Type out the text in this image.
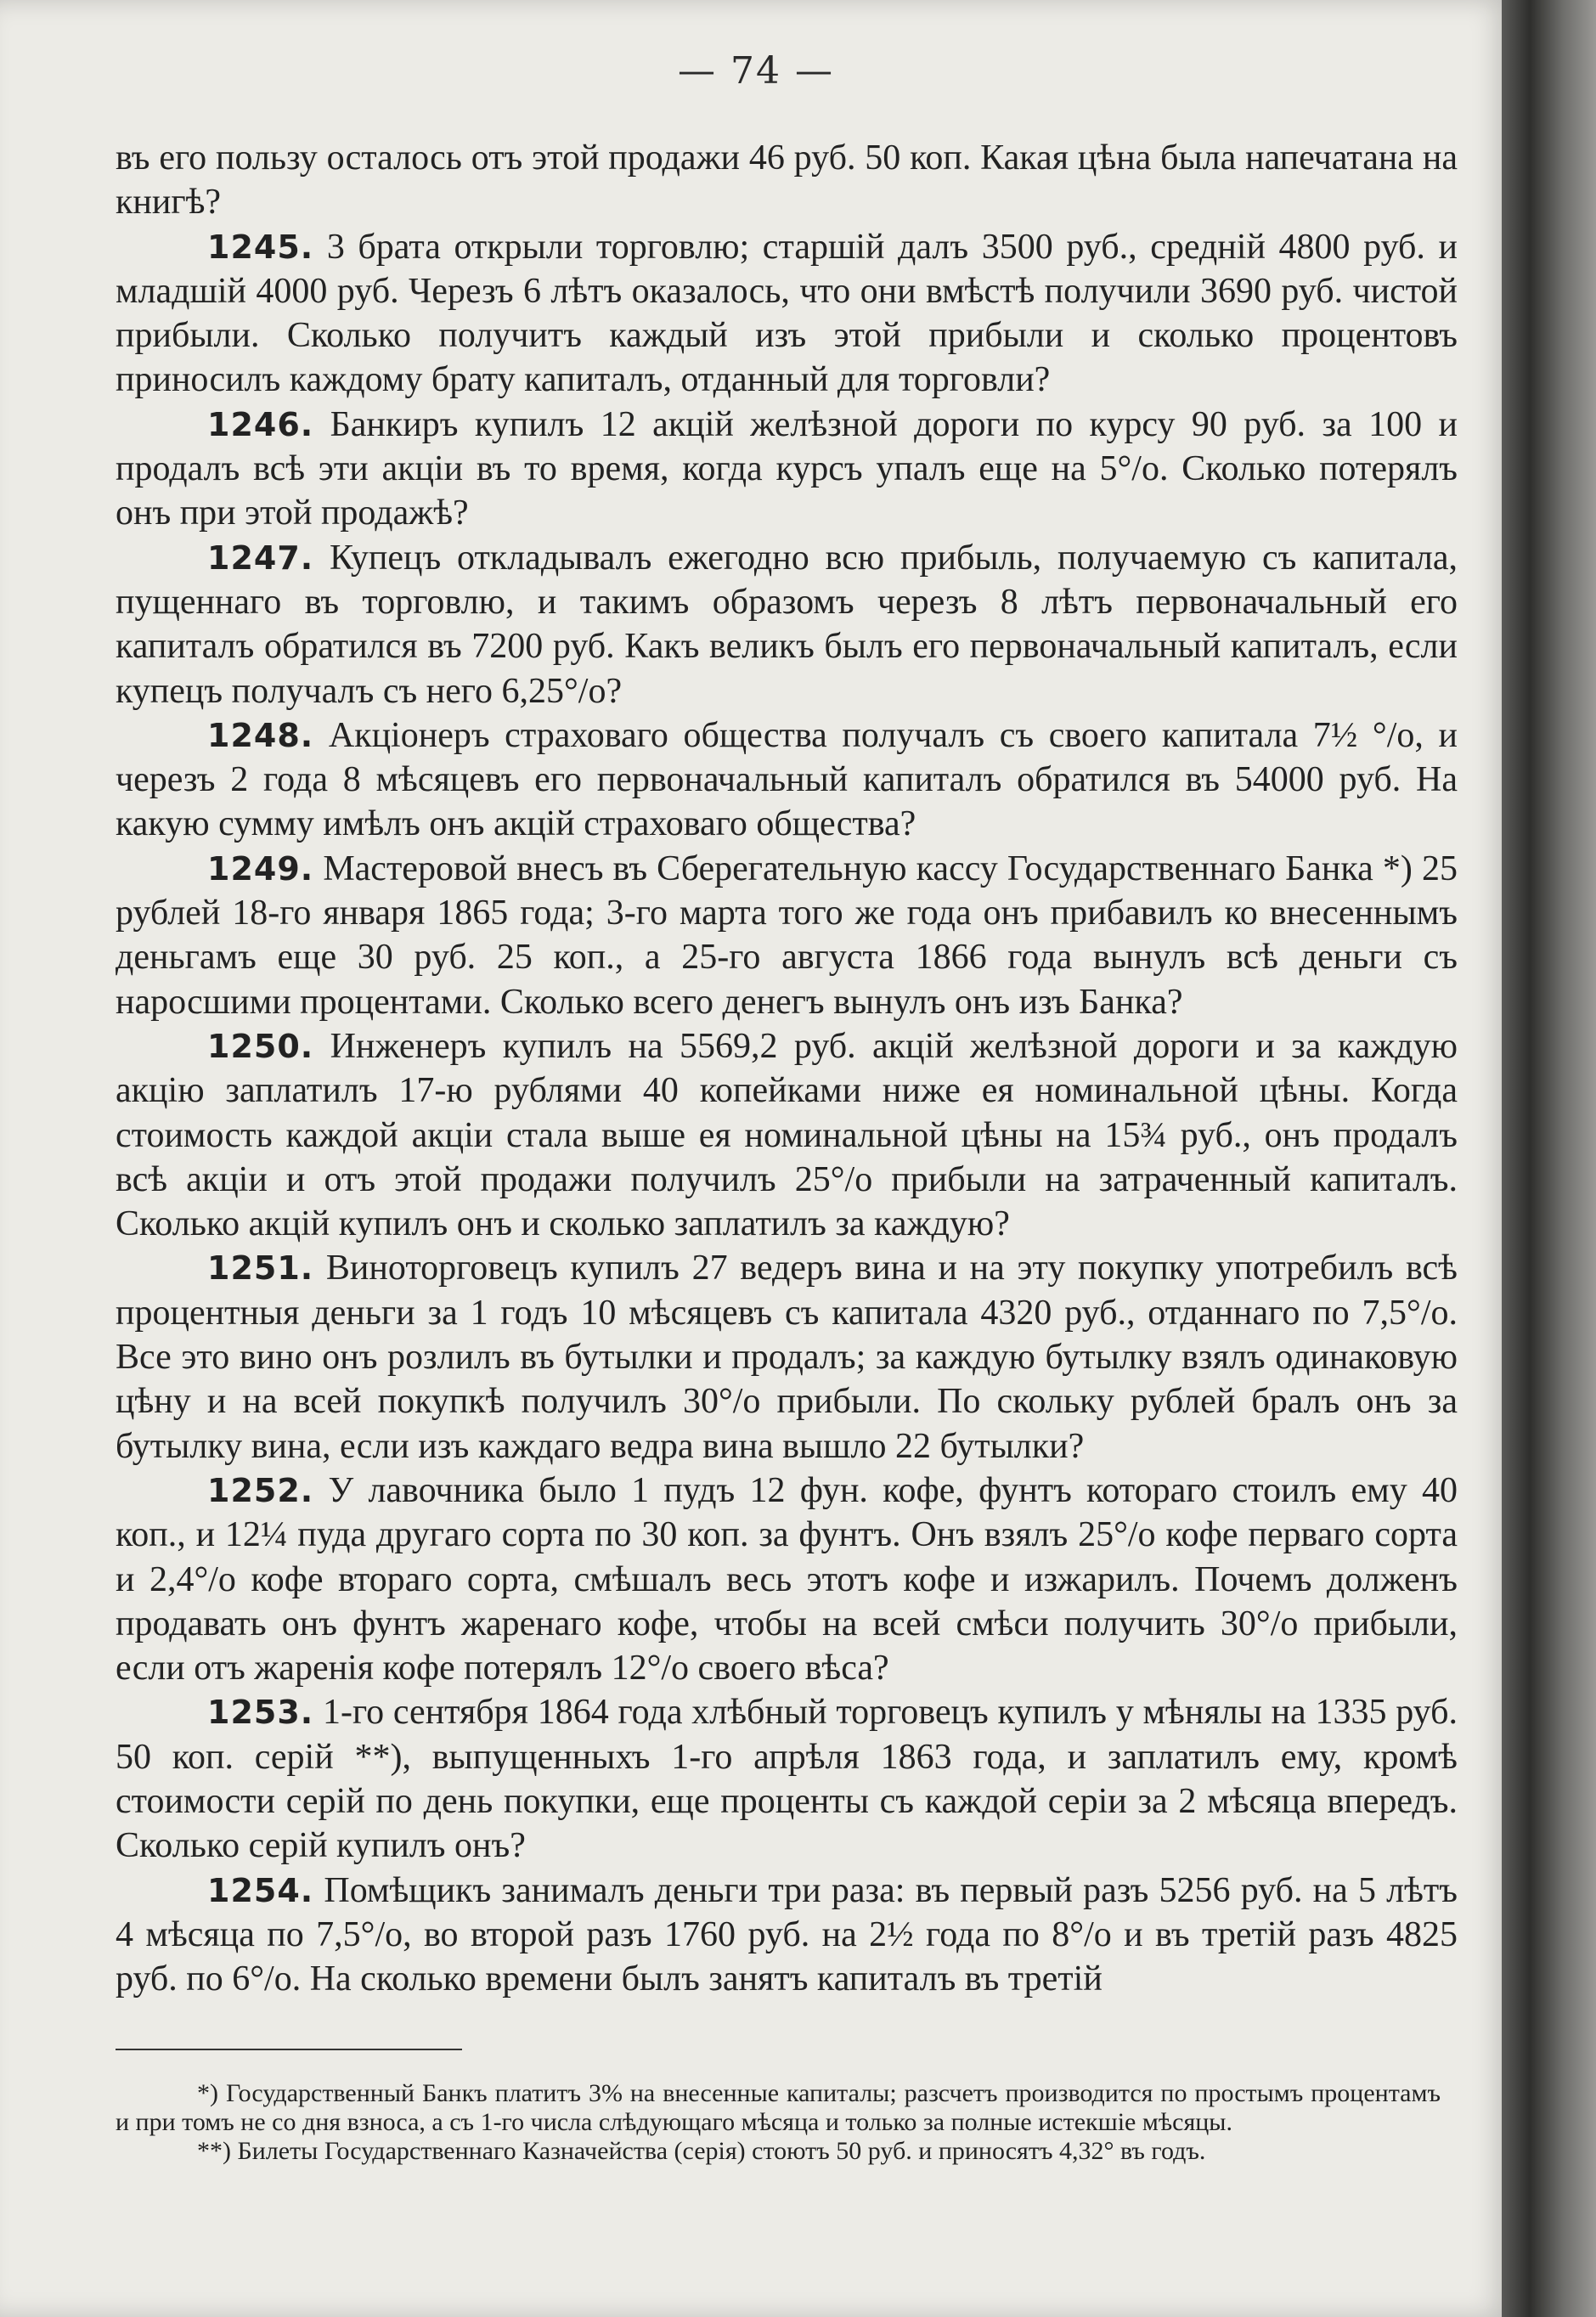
— 74 —

въ его пользу осталось отъ этой продажи 46 руб. 50 коп. Какая цѣна была напечатана на книгѣ?

1245. 3 брата открыли торговлю; старшій далъ 3500 руб., средній 4800 руб. и младшій 4000 руб. Черезъ 6 лѣтъ оказалось, что они вмѣстѣ получили 3690 руб. чистой прибыли. Сколько получитъ каждый изъ этой прибыли и сколько процентовъ приносилъ каждому брату капиталъ, отданный для торговли?

1246. Банкиръ купилъ 12 акцій желѣзной дороги по курсу 90 руб. за 100 и продалъ всѣ эти акціи въ то время, когда курсъ упалъ еще на 5°/о. Сколько потерялъ онъ при этой продажѣ?

1247. Купецъ откладывалъ ежегодно всю прибыль, получаемую съ капитала, пущеннаго въ торговлю, и такимъ образомъ черезъ 8 лѣтъ первоначальный его капиталъ обратился въ 7200 руб. Какъ великъ былъ его первоначальный капиталъ, если купецъ получалъ съ него 6,25°/о?

1248. Акціонеръ страховаго общества получалъ съ своего капитала 7½ °/о, и черезъ 2 года 8 мѣсяцевъ его первоначальный капиталъ обратился въ 54000 руб. На какую сумму имѣлъ онъ акцій страховаго общества?

1249. Мастеровой внесъ въ Сберегательную кассу Государственнаго Банка *) 25 рублей 18-го января 1865 года; 3-го марта того же года онъ прибавилъ ко внесеннымъ деньгамъ еще 30 руб. 25 коп., а 25-го августа 1866 года вынулъ всѣ деньги съ наросшими процентами. Сколько всего денегъ вынулъ онъ изъ Банка?

1250. Инженеръ купилъ на 5569,2 руб. акцій желѣзной дороги и за каждую акцію заплатилъ 17-ю рублями 40 копейками ниже ея номинальной цѣны. Когда стоимость каждой акціи стала выше ея номинальной цѣны на 15¾ руб., онъ продалъ всѣ акціи и отъ этой продажи получилъ 25°/о прибыли на затраченный капиталъ. Сколько акцій купилъ онъ и сколько заплатилъ за каждую?

1251. Виноторговецъ купилъ 27 ведеръ вина и на эту покупку употребилъ всѣ процентныя деньги за 1 годъ 10 мѣсяцевъ съ капитала 4320 руб., отданнаго по 7,5°/о. Все это вино онъ розлилъ въ бутылки и продалъ; за каждую бутылку взялъ одинаковую цѣну и на всей покупкѣ получилъ 30°/о прибыли. По скольку рублей бралъ онъ за бутылку вина, если изъ каждаго ведра вина вышло 22 бутылки?

1252. У лавочника было 1 пудъ 12 фун. кофе, фунтъ котораго стоилъ ему 40 коп., и 12¼ пуда другаго сорта по 30 коп. за фунтъ. Онъ взялъ 25°/о кофе перваго сорта и 2,4°/о кофе втораго сорта, смѣшалъ весь этотъ кофе и изжарилъ. Почемъ долженъ продавать онъ фунтъ жаренаго кофе, чтобы на всей смѣси получить 30°/о прибыли, если отъ жаренія кофе потерялъ 12°/о своего вѣса?

1253. 1-го сентября 1864 года хлѣбный торговецъ купилъ у мѣнялы на 1335 руб. 50 коп. серій **), выпущенныхъ 1-го апрѣля 1863 года, и заплатилъ ему, кромѣ стоимости серій по день покупки, еще проценты съ каждой серіи за 2 мѣсяца впередъ. Сколько серій купилъ онъ?

1254. Помѣщикъ занималъ деньги три раза: въ первый разъ 5256 руб. на 5 лѣтъ 4 мѣсяца по 7,5°/о, во второй разъ 1760 руб. на 2½ года по 8°/о и въ третій разъ 4825 руб. по 6°/о. На сколько времени былъ занятъ капиталъ въ третій

*) Государственный Банкъ платитъ 3% на внесенные капиталы; разсчетъ производится по простымъ процентамъ и при томъ не со дня взноса, а съ 1-го числа слѣдующаго мѣсяца и только за полные истекшіе мѣсяцы.

**) Билеты Государственнаго Казначейства (серія) стоютъ 50 руб. и приносятъ 4,32° въ годъ.
